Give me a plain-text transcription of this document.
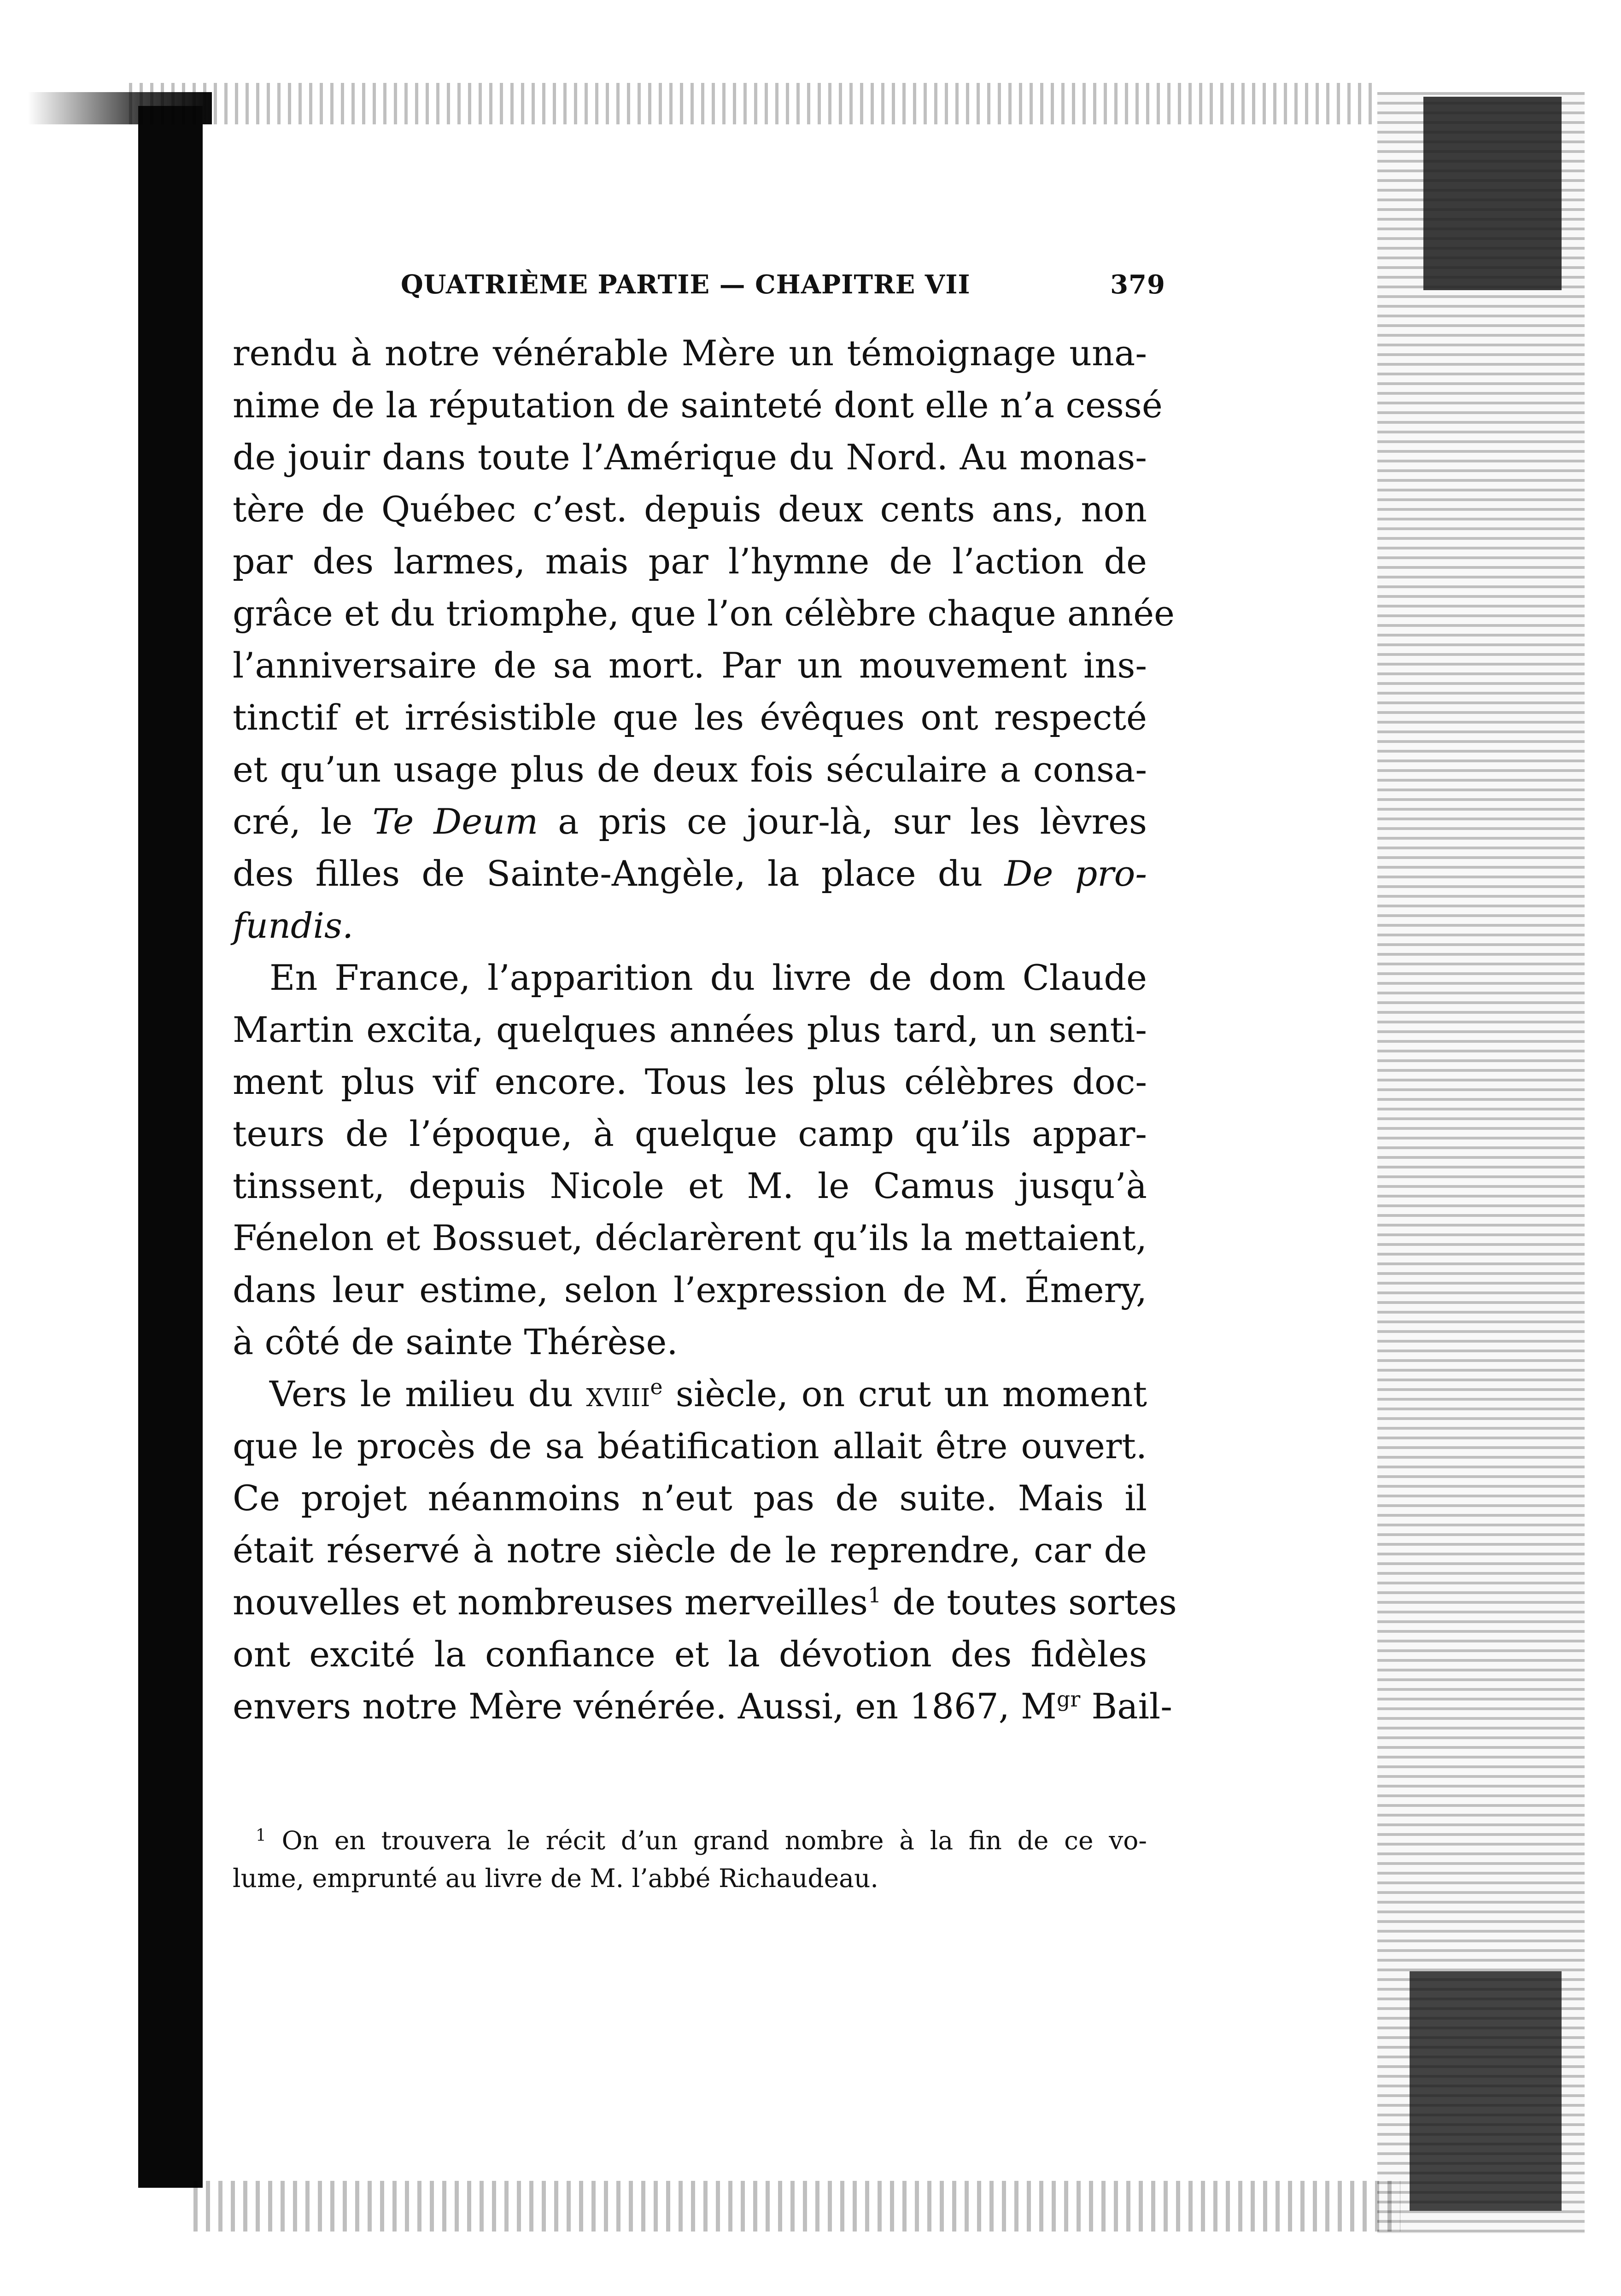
QUATRIÈME PARTIE — CHAPITRE VII	379
rendu à notre vénérable Mère un témoignage una-
nime de la réputation de sainteté dont elle n’a cessé
de jouir dans toute l’Amérique du Nord. Au monas-
tère de Québec c’est. depuis deux cents ans, non
par des larmes, mais par l’hymne de l’action de
grâce et du triomphe, que l’on célèbre chaque année
l’anniversaire de sa mort. Par un mouvement ins-
tinctif et irrésistible que les évêques ont respecté
et qu’un usage plus de deux fois séculaire a consa-
cré, le Te Deum a pris ce jour-là, sur les lèvres
des filles de Sainte-Angèle, la place du De pro-
fundis.
En France, l’apparition du livre de dom Claude
Martin excita, quelques années plus tard, un senti-
ment plus vif encore. Tous les plus célèbres doc-
teurs de l’époque, à quelque camp qu’ils appar-
tinssent, depuis Nicole et M. le Camus jusqu’à
Fénelon et Bossuet, déclarèrent qu’ils la mettaient,
dans leur estime, selon l’expression de M. Émery,
à côté de sainte Thérèse.
Vers le milieu du xviii$^e$ siècle, on crut un moment
que le procès de sa béatification allait être ouvert.
Ce projet néanmoins n’eut pas de suite. Mais il
était réservé à notre siècle de le reprendre, car de
nouvelles et nombreuses merveilles$^1$ de toutes sortes
ont excité la confiance et la dévotion des fidèles
envers notre Mère vénérée. Aussi, en 1867, $M^{gr}$ Bail-
$^1$ On en trouvera le récit d’un grand nombre à la fin de ce vo-
lume, emprunté au livre de M. l’abbé Richaudeau.
